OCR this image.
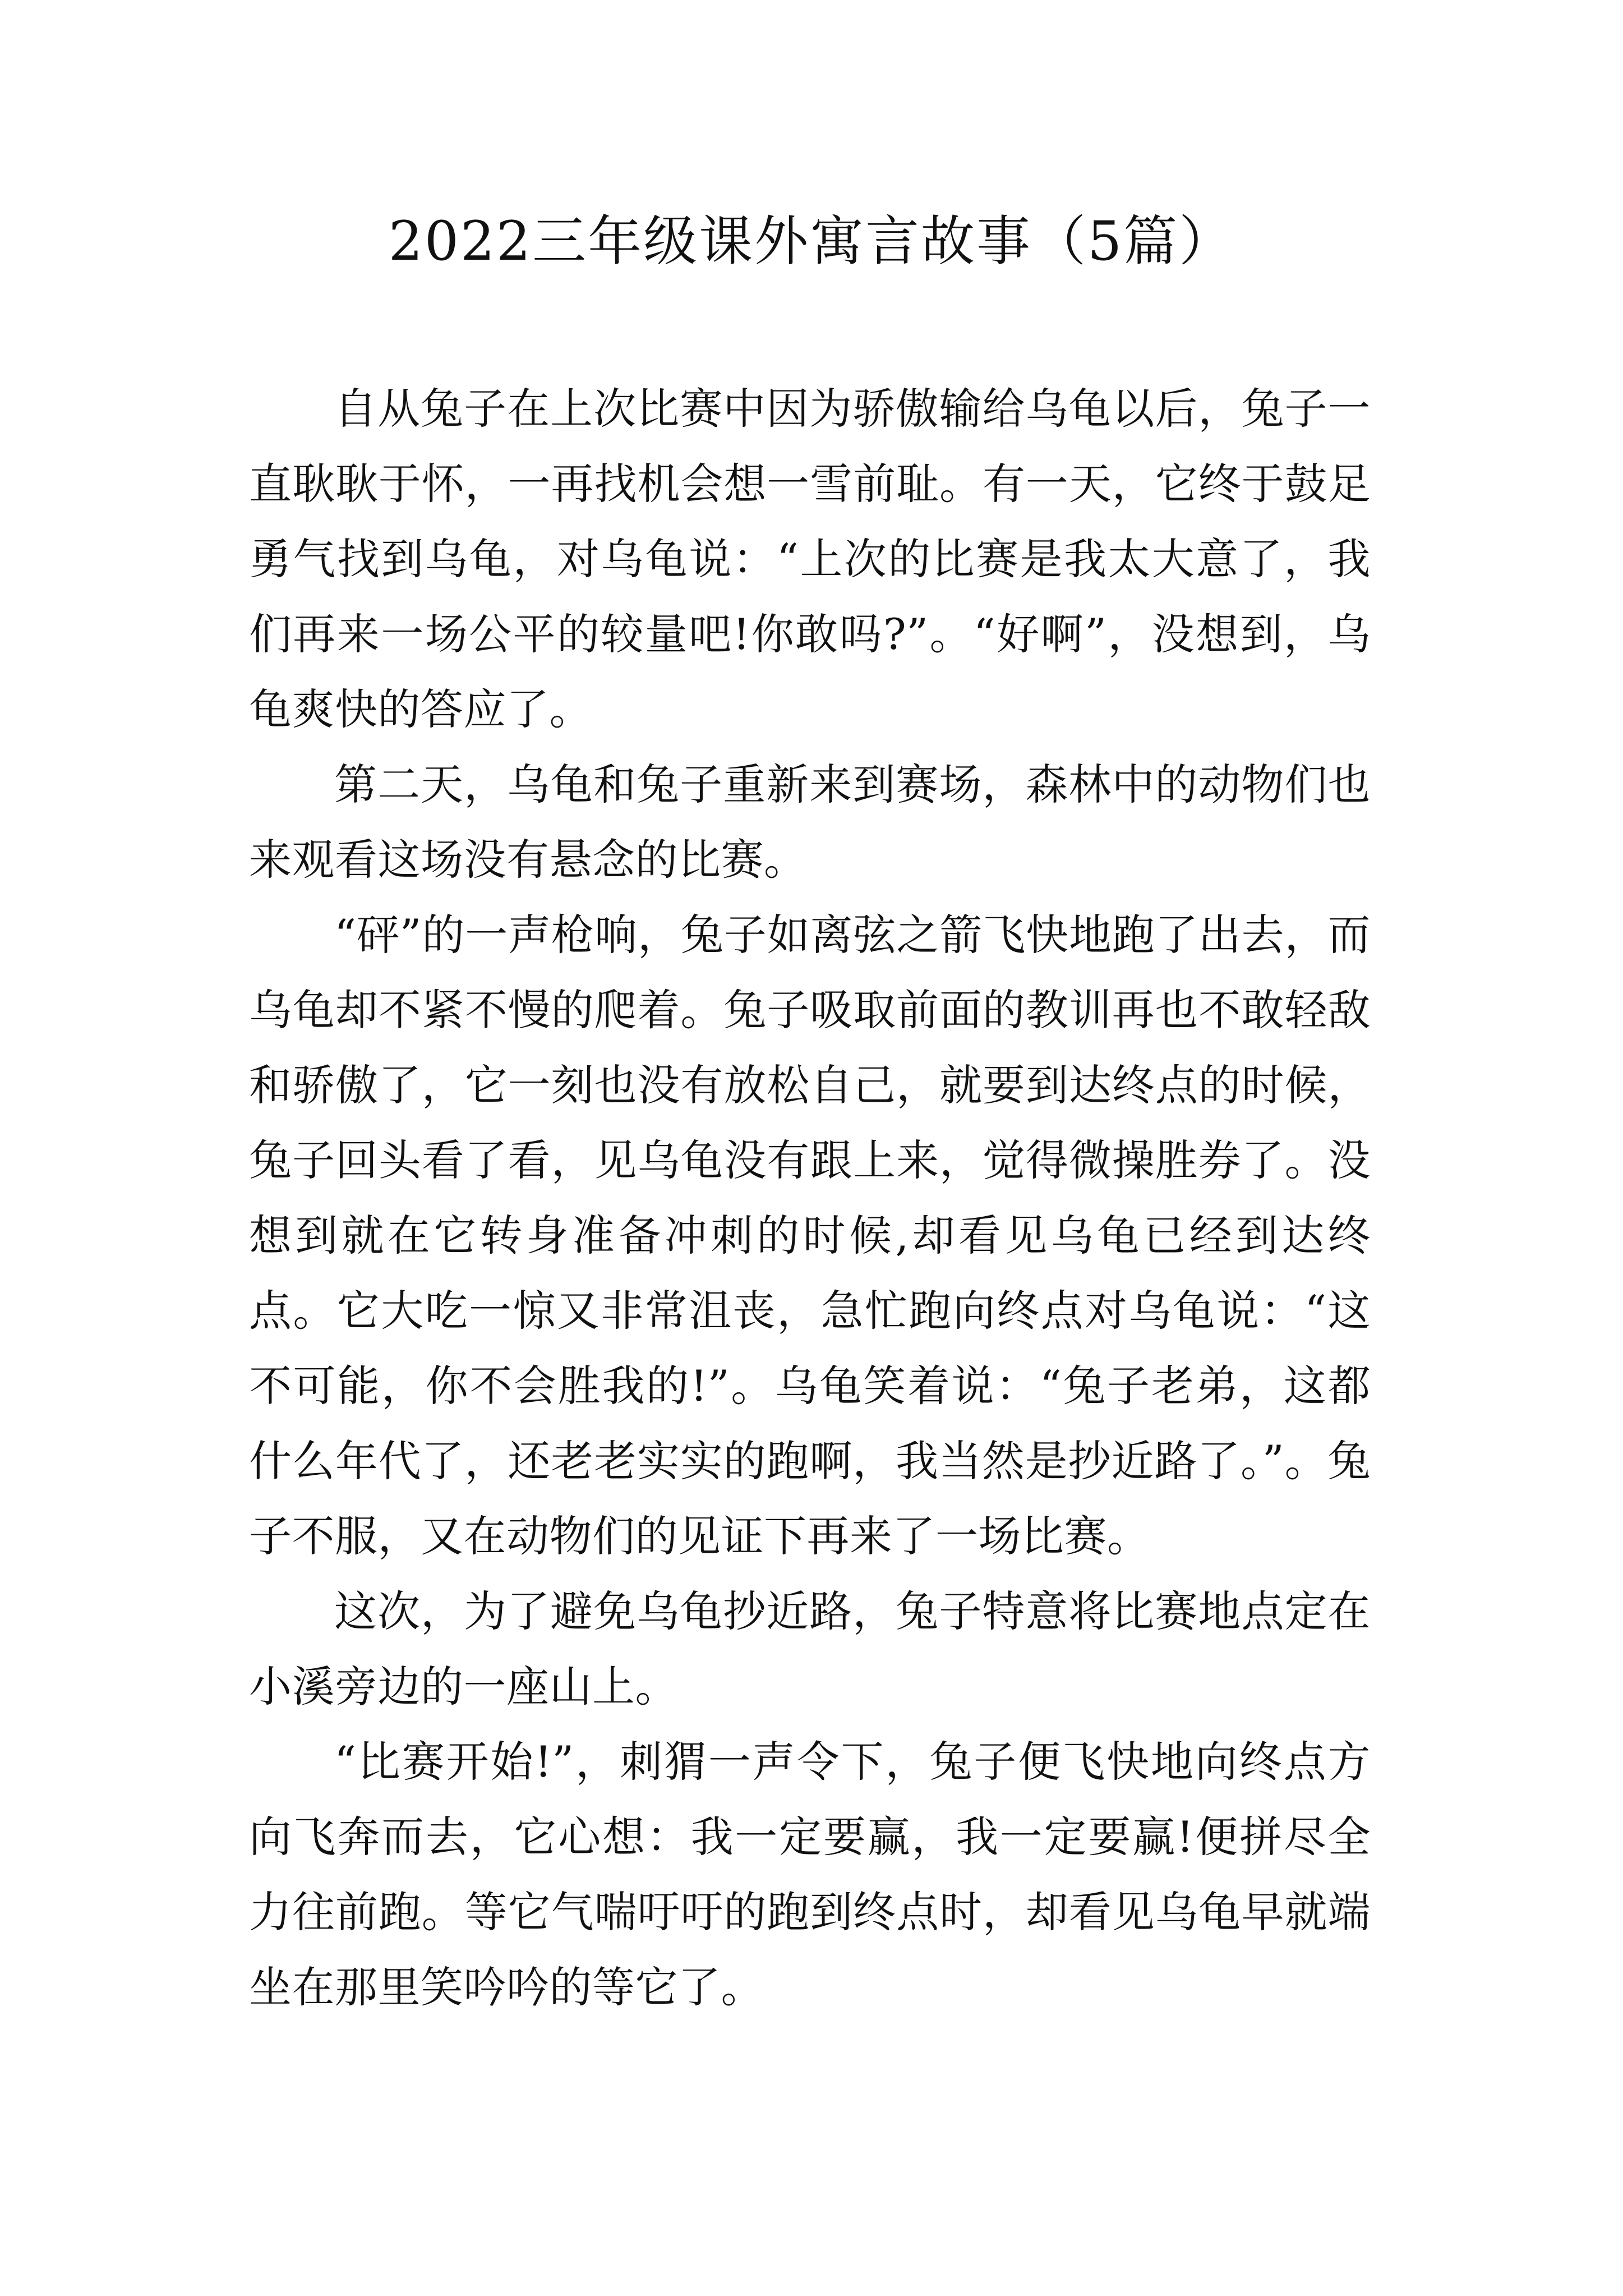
2022三年级课外寓言故事（5篇）

自从兔子在上次比赛中因为骄傲输给乌龟以后，兔子一直耿耿于怀，一再找机会想一雪前耻。有一天，它终于鼓足勇气找到乌龟，对乌龟说：“上次的比赛是我太大意了，我们再来一场公平的较量吧!你敢吗?”。“好啊”，没想到，乌龟爽快的答应了。

第二天，乌龟和兔子重新来到赛场，森林中的动物们也来观看这场没有悬念的比赛。

“砰”的一声枪响，兔子如离弦之箭飞快地跑了出去，而乌龟却不紧不慢的爬着。兔子吸取前面的教训再也不敢轻敌和骄傲了，它一刻也没有放松自己，就要到达终点的时候，兔子回头看了看，见乌龟没有跟上来，觉得微操胜券了。没想到就在它转身准备冲刺的时候,却看见乌龟已经到达终点。它大吃一惊又非常沮丧，急忙跑向终点对乌龟说：“这不可能，你不会胜我的!”。乌龟笑着说：“兔子老弟，这都什么年代了，还老老实实的跑啊，我当然是抄近路了。”。兔子不服，又在动物们的见证下再来了一场比赛。

这次，为了避免乌龟抄近路，兔子特意将比赛地点定在小溪旁边的一座山上。

“比赛开始!”，刺猬一声令下，兔子便飞快地向终点方向飞奔而去，它心想：我一定要赢，我一定要赢!便拼尽全力往前跑。等它气喘吁吁的跑到终点时，却看见乌龟早就端坐在那里笑吟吟的等它了。
